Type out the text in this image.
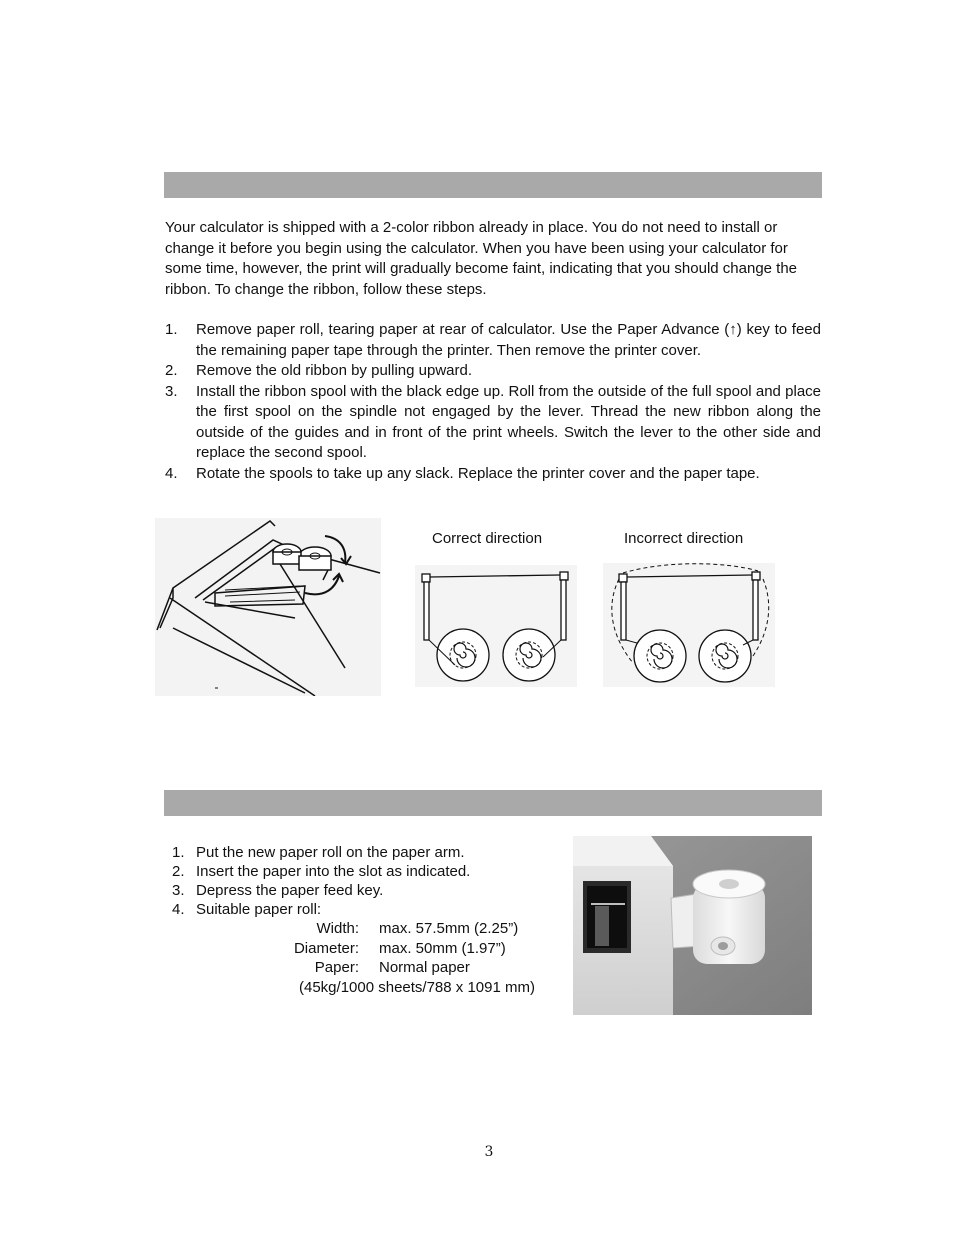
Your calculator is shipped with a 2-color ribbon already in place. You do not need to install or change it before you begin using the calculator. When you have been using your calculator for some time, however, the print will gradually become faint, indicating that you should change the ribbon. To change the ribbon, follow these steps.
1. Remove paper roll, tearing paper at rear of calculator. Use the Paper Advance (↑) key to feed the remaining paper tape through the printer. Then remove the printer cover.
2. Remove the old ribbon by pulling upward.
3. Install the ribbon spool with the black edge up. Roll from the outside of the full spool and place the first spool on the spindle not engaged by the lever. Thread the new ribbon along the outside of the guides and in front of the print wheels. Switch the lever to the other side and replace the second spool.
4. Rotate the spools to take up any slack. Replace the printer cover and the paper tape.
Correct direction	Incorrect direction
1. Put the new paper roll on the paper arm.
2. Insert the paper into the slot as indicated.
3. Depress the paper feed key.
4. Suitable paper roll:
Width: max. 57.5mm (2.25”)
Diameter: max. 50mm (1.97”)
Paper: Normal paper
(45kg/1000 sheets/788 x 1091 mm)
3
